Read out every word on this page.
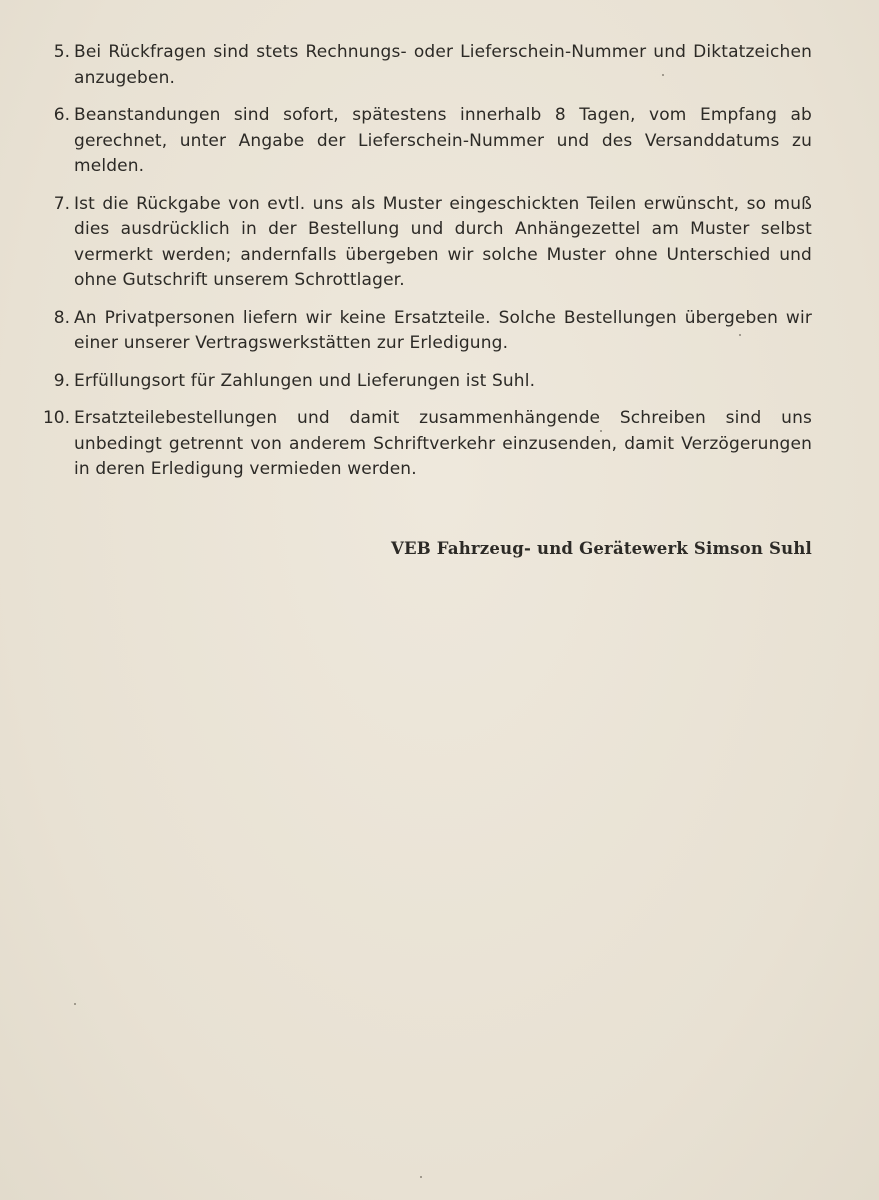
5. Bei Rückfragen sind stets Rechnungs- oder Lieferschein-Nummer und Diktatzeichen anzugeben.
6. Beanstandungen sind sofort, spätestens innerhalb 8 Tagen, vom Empfang ab gerechnet, unter Angabe der Lieferschein-Nummer und des Versanddatums zu melden.
7. Ist die Rückgabe von evtl. uns als Muster eingeschickten Teilen erwünscht, so muß dies ausdrücklich in der Bestellung und durch Anhängezettel am Muster selbst vermerkt werden; andernfalls übergeben wir solche Muster ohne Unterschied und ohne Gutschrift unserem Schrottlager.
8. An Privatpersonen liefern wir keine Ersatzteile. Solche Bestellungen übergeben wir einer unserer Vertragswerkstätten zur Erledigung.
9. Erfüllungsort für Zahlungen und Lieferungen ist Suhl.
10. Ersatzteilebestellungen und damit zusammenhängende Schreiben sind uns unbedingt getrennt von anderem Schriftverkehr einzusenden, damit Verzögerungen in deren Erledigung vermieden werden.
VEB Fahrzeug- und Gerätewerk Simson Suhl
